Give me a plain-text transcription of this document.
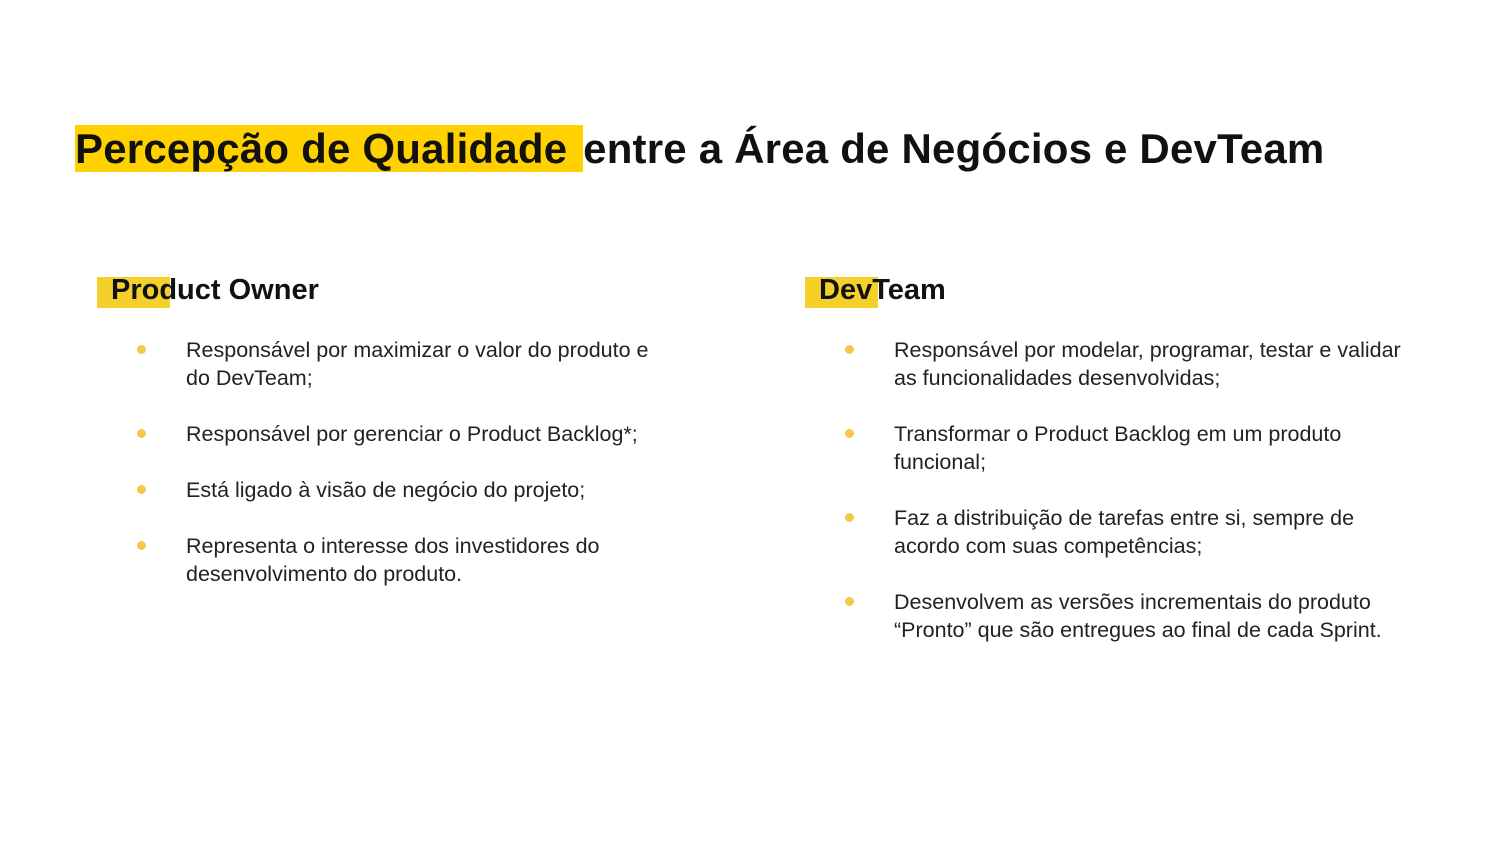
Percepção de Qualidade entre a Área de Negócios e DevTeam
Product Owner
Responsável por maximizar o valor do produto e do DevTeam;
Responsável por gerenciar o Product Backlog*;
Está ligado à visão de negócio do projeto;
Representa o interesse dos investidores do desenvolvimento do produto.
DevTeam
Responsável por modelar, programar, testar e validar as funcionalidades desenvolvidas;
Transformar o Product Backlog em um produto funcional;
Faz a distribuição de tarefas entre si, sempre de acordo com suas competências;
Desenvolvem as versões incrementais do produto “Pronto” que são entregues ao final de cada Sprint.
